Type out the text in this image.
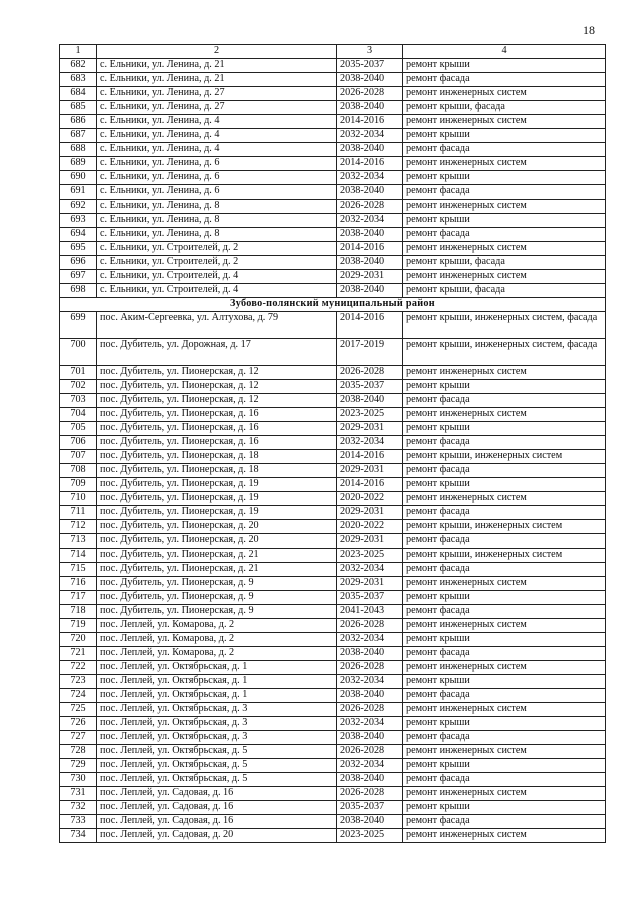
18
1	2	3	4
682	с. Ельники, ул. Ленина, д. 21	2035-2037	ремонт крыши
683	с. Ельники, ул. Ленина, д. 21	2038-2040	ремонт фасада
684	с. Ельники, ул. Ленина, д. 27	2026-2028	ремонт инженерных систем
685	с. Ельники, ул. Ленина, д. 27	2038-2040	ремонт крыши, фасада
686	с. Ельники, ул. Ленина, д. 4	2014-2016	ремонт инженерных систем
687	с. Ельники, ул. Ленина, д. 4	2032-2034	ремонт крыши
688	с. Ельники, ул. Ленина, д. 4	2038-2040	ремонт фасада
689	с. Ельники, ул. Ленина, д. 6	2014-2016	ремонт инженерных систем
690	с. Ельники, ул. Ленина, д. 6	2032-2034	ремонт крыши
691	с. Ельники, ул. Ленина, д. 6	2038-2040	ремонт фасада
692	с. Ельники, ул. Ленина, д. 8	2026-2028	ремонт инженерных систем
693	с. Ельники, ул. Ленина, д. 8	2032-2034	ремонт крыши
694	с. Ельники, ул. Ленина, д. 8	2038-2040	ремонт фасада
695	с. Ельники, ул. Строителей, д. 2	2014-2016	ремонт инженерных систем
696	с. Ельники, ул. Строителей, д. 2	2038-2040	ремонт крыши, фасада
697	с. Ельники, ул. Строителей, д. 4	2029-2031	ремонт инженерных систем
698	с. Ельники, ул. Строителей, д. 4	2038-2040	ремонт крыши, фасада
Зубово-полянский муниципальный район			
699	пос. Аким-Сергеевка, ул. Алтухова, д. 79	2014-2016	ремонт крыши, инженерных систем, фасада
700	пос. Дубитель, ул. Дорожная, д. 17	2017-2019	ремонт крыши, инженерных систем, фасада
701	пос. Дубитель, ул. Пионерская, д. 12	2026-2028	ремонт инженерных систем
702	пос. Дубитель, ул. Пионерская, д. 12	2035-2037	ремонт крыши
703	пос. Дубитель, ул. Пионерская, д. 12	2038-2040	ремонт фасада
704	пос. Дубитель, ул. Пионерская, д. 16	2023-2025	ремонт инженерных систем
705	пос. Дубитель, ул. Пионерская, д. 16	2029-2031	ремонт крыши
706	пос. Дубитель, ул. Пионерская, д. 16	2032-2034	ремонт фасада
707	пос. Дубитель, ул. Пионерская, д. 18	2014-2016	ремонт крыши, инженерных систем
708	пос. Дубитель, ул. Пионерская, д. 18	2029-2031	ремонт фасада
709	пос. Дубитель, ул. Пионерская, д. 19	2014-2016	ремонт крыши
710	пос. Дубитель, ул. Пионерская, д. 19	2020-2022	ремонт инженерных систем
711	пос. Дубитель, ул. Пионерская, д. 19	2029-2031	ремонт фасада
712	пос. Дубитель, ул. Пионерская, д. 20	2020-2022	ремонт крыши, инженерных систем
713	пос. Дубитель, ул. Пионерская, д. 20	2029-2031	ремонт фасада
714	пос. Дубитель, ул. Пионерская, д. 21	2023-2025	ремонт крыши, инженерных систем
715	пос. Дубитель, ул. Пионерская, д. 21	2032-2034	ремонт фасада
716	пос. Дубитель, ул. Пионерская, д. 9	2029-2031	ремонт инженерных систем
717	пос. Дубитель, ул. Пионерская, д. 9	2035-2037	ремонт крыши
718	пос. Дубитель, ул. Пионерская, д. 9	2041-2043	ремонт фасада
719	пос. Леплей, ул. Комарова, д. 2	2026-2028	ремонт инженерных систем
720	пос. Леплей, ул. Комарова, д. 2	2032-2034	ремонт крыши
721	пос. Леплей, ул. Комарова, д. 2	2038-2040	ремонт фасада
722	пос. Леплей, ул. Октябрьская, д. 1	2026-2028	ремонт инженерных систем
723	пос. Леплей, ул. Октябрьская, д. 1	2032-2034	ремонт крыши
724	пос. Леплей, ул. Октябрьская, д. 1	2038-2040	ремонт фасада
725	пос. Леплей, ул. Октябрьская, д. 3	2026-2028	ремонт инженерных систем
726	пос. Леплей, ул. Октябрьская, д. 3	2032-2034	ремонт крыши
727	пос. Леплей, ул. Октябрьская, д. 3	2038-2040	ремонт фасада
728	пос. Леплей, ул. Октябрьская, д. 5	2026-2028	ремонт инженерных систем
729	пос. Леплей, ул. Октябрьская, д. 5	2032-2034	ремонт крыши
730	пос. Леплей, ул. Октябрьская, д. 5	2038-2040	ремонт фасада
731	пос. Леплей, ул. Садовая, д. 16	2026-2028	ремонт инженерных систем
732	пос. Леплей, ул. Садовая, д. 16	2035-2037	ремонт крыши
733	пос. Леплей, ул. Садовая, д. 16	2038-2040	ремонт фасада
734	пос. Леплей, ул. Садовая, д. 20	2023-2025	ремонт инженерных систем
